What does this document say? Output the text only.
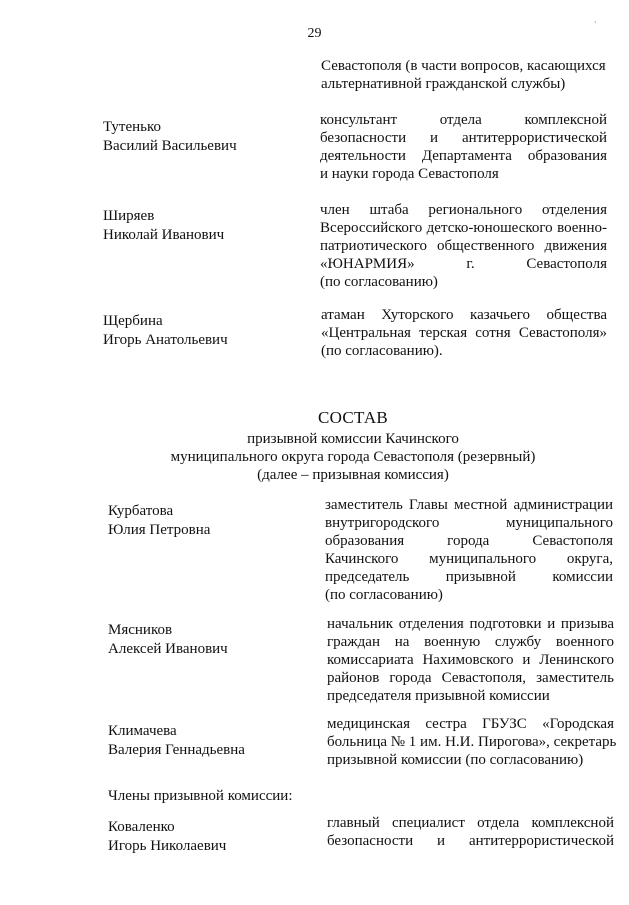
29
·
Севастополя (в части вопросов, касающихся
альтернативной гражданской службы)
Тутенько
Василий Васильевич
консультант отдела комплексной
безопасности и антитеррористической
деятельности Департамента образования
и науки города Севастополя
Ширяев
Николай Иванович
член штаба регионального отделения
Всероссийского детско-юношеского военно-
патриотического общественного движения
«ЮНАРМИЯ» г. Севастополя
(по согласованию)
Щербина
Игорь Анатольевич
атаман Хуторского казачьего общества
«Центральная терская сотня Севастополя»
(по согласованию).
СОСТАВ
призывной комиссии Качинского
муниципального округа города Севастополя (резервный)
(далее – призывная комиссия)
Курбатова
Юлия Петровна
заместитель Главы местной администрации
внутригородского муниципального
образования города Севастополя
Качинского муниципального округа,
председатель призывной комиссии
(по согласованию)
Мясников
Алексей Иванович
начальник отделения подготовки и призыва
граждан на военную службу военного
комиссариата Нахимовского и Ленинского
районов города Севастополя, заместитель
председателя призывной комиссии
Климачева
Валерия Геннадьевна
медицинская сестра ГБУЗС «Городская
больница № 1 им. Н.И. Пирогова», секретарь
призывной комиссии (по согласованию)
Члены призывной комиссии:
Коваленко
Игорь Николаевич
главный специалист отдела комплексной
безопасности и антитеррористической
